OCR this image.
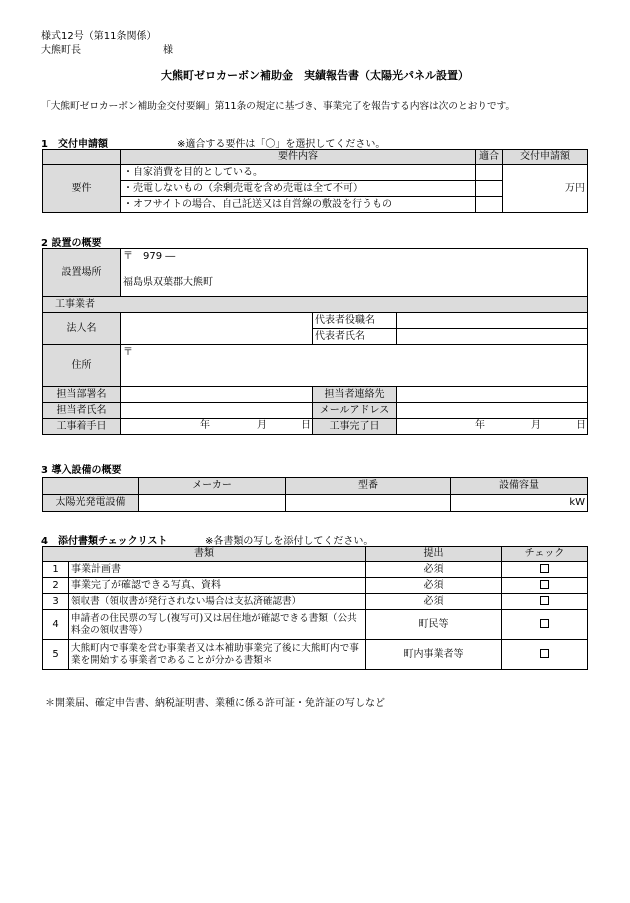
様式12号（第11条関係）
大熊町長	様
大熊町ゼロカーボン補助金　実績報告書（太陽光パネル設置）
「大熊町ゼロカーボン補助金交付要綱」第11条の規定に基づき、事業完了を報告する内容は次のとおりです。
1　交付申請額	※適合する要件は「〇」を選択してください。
	要件内容	適合	交付申請額
要件	・自家消費を目的としている。		万円
	・売電しないもの（余剰売電を含め売電は全て不可）		
	・オフサイトの場合、自己託送又は自営線の敷設を行うもの		
2 設置の概要
設置場所	〒　979 ―
福島県双葉郡大熊町		

工事業者			
法人名		代表者役職名	
		代表者氏名	
住所	〒		
担当部署名		担当者連絡先	
担当者氏名		メールアドレス	
工事着手日	年 月 日	工事完了日	年 月 日
3 導入設備の概要
	メーカー	型番	設備容量
太陽光発電設備			kW
4　添付書類チェックリスト	※各書類の写しを添付してください。
書類		提出	チェック
1	事業計画書	必須	
2	事業完了が確認できる写真、資料	必須	
3	領収書（領収書が発行されない場合は支払済確認書）	必須	
4	申請者の住民票の写し(複写可)又は居住地が確認できる書類（公共料金の領収書等）	町民等	
5	大熊町内で事業を営む事業者又は本補助事業完了後に大熊町内で事業を開始する事業者であることが分かる書類＊	町内事業者等	
＊開業届、確定申告書、納税証明書、業種に係る許可証・免許証の写しなど
